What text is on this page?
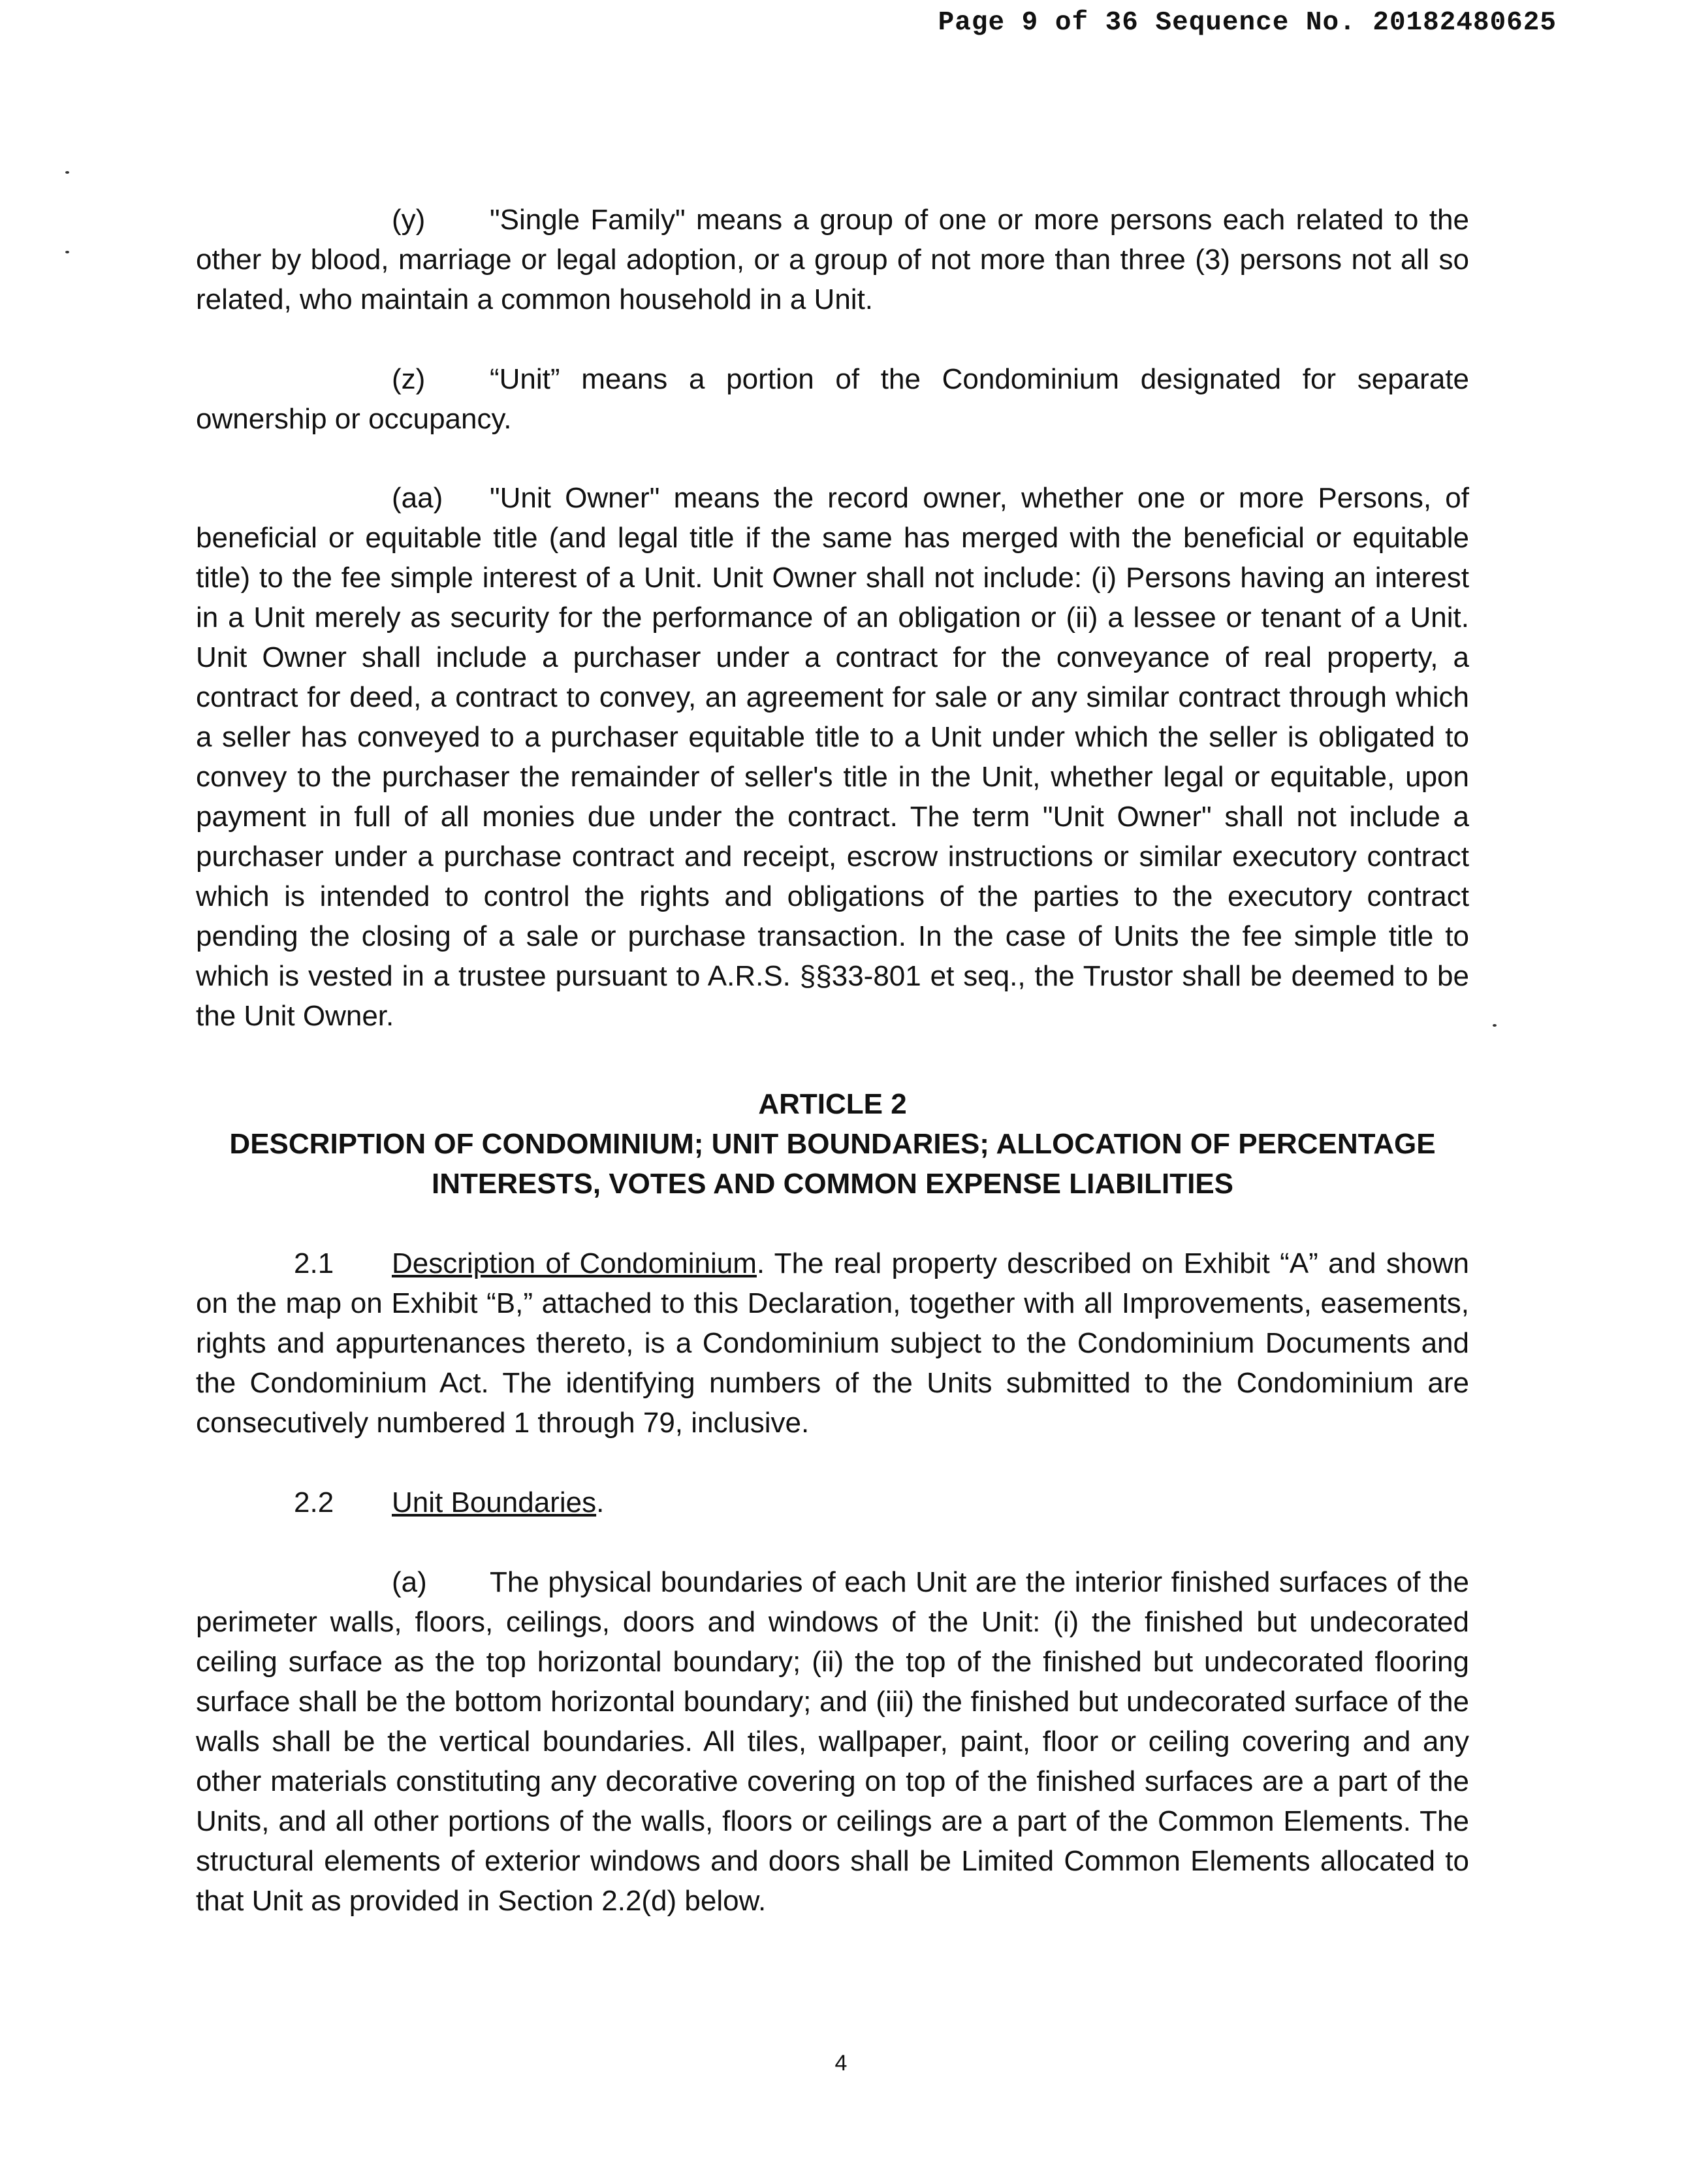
Page 9 of 36 Sequence No. 20182480625

(y) "Single Family" means a group of one or more persons each related to the other by blood, marriage or legal adoption, or a group of not more than three (3) persons not all so related, who maintain a common household in a Unit.

(z) “Unit” means a portion of the Condominium designated for separate ownership or occupancy.

(aa) "Unit Owner" means the record owner, whether one or more Persons, of beneficial or equitable title (and legal title if the same has merged with the beneficial or equitable title) to the fee simple interest of a Unit. Unit Owner shall not include: (i) Persons having an interest in a Unit merely as security for the performance of an obligation or (ii) a lessee or tenant of a Unit. Unit Owner shall include a purchaser under a contract for the conveyance of real property, a contract for deed, a contract to convey, an agreement for sale or any similar contract through which a seller has conveyed to a purchaser equitable title to a Unit under which the seller is obligated to convey to the purchaser the remainder of seller's title in the Unit, whether legal or equitable, upon payment in full of all monies due under the contract. The term "Unit Owner" shall not include a purchaser under a purchase contract and receipt, escrow instructions or similar executory contract which is intended to control the rights and obligations of the parties to the executory contract pending the closing of a sale or purchase transaction. In the case of Units the fee simple title to which is vested in a trustee pursuant to A.R.S. §§33-801 et seq., the Trustor shall be deemed to be the Unit Owner.

ARTICLE 2

DESCRIPTION OF CONDOMINIUM; UNIT BOUNDARIES; ALLOCATION OF PERCENTAGE

INTERESTS, VOTES AND COMMON EXPENSE LIABILITIES

2.1 Description of Condominium. The real property described on Exhibit “A” and shown on the map on Exhibit “B,” attached to this Declaration, together with all Improvements, easements, rights and appurtenances thereto, is a Condominium subject to the Condominium Documents and the Condominium Act. The identifying numbers of the Units submitted to the Condominium are consecutively numbered 1 through 79, inclusive.

2.2 Unit Boundaries.

(a) The physical boundaries of each Unit are the interior finished surfaces of the perimeter walls, floors, ceilings, doors and windows of the Unit: (i) the finished but undecorated ceiling surface as the top horizontal boundary; (ii) the top of the finished but undecorated flooring surface shall be the bottom horizontal boundary; and (iii) the finished but undecorated surface of the walls shall be the vertical boundaries. All tiles, wallpaper, paint, floor or ceiling covering and any other materials constituting any decorative covering on top of the finished surfaces are a part of the Units, and all other portions of the walls, floors or ceilings are a part of the Common Elements. The structural elements of exterior windows and doors shall be Limited Common Elements allocated to that Unit as provided in Section 2.2(d) below.

4
